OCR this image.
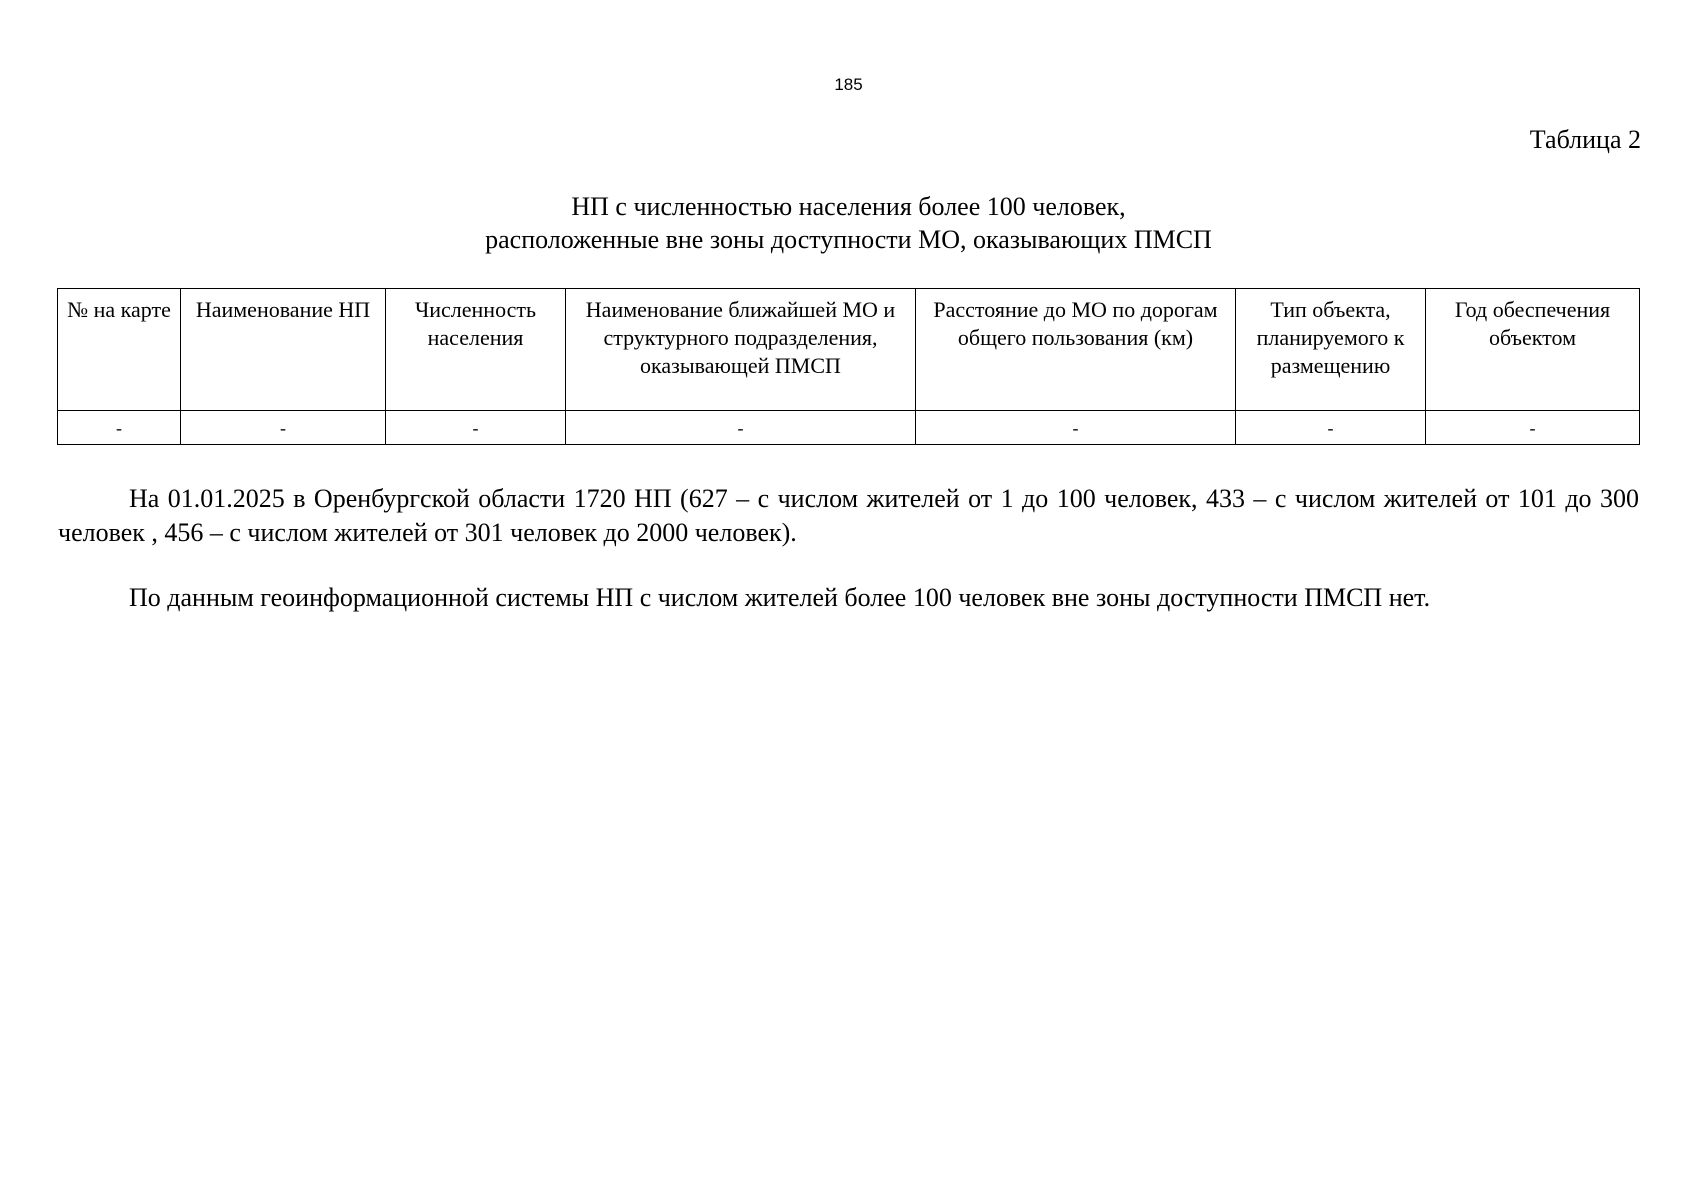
185
Таблица 2
НП с численностью населения более 100 человек,
расположенные вне зоны доступности МО, оказывающих ПМСП
№ на карте	Наименование НП	Численность населения	Наименование ближайшей МО и структурного подразделения, оказывающей ПМСП	Расстояние до МО по дорогам общего пользования (км)	Тип объекта, планируемого к размещению	Год обеспечения объектом
-	-	-	-	-	-	-

На 01.01.2025 в Оренбургской области 1720 НП (627 – с числом жителей от 1 до 100 человек, 433 – с числом жителей от 101 до 300 человек , 456 – с числом жителей от 301 человек до 2000 человек).

По данным геоинформационной системы НП с числом жителей более 100 человек вне зоны доступности ПМСП нет.
